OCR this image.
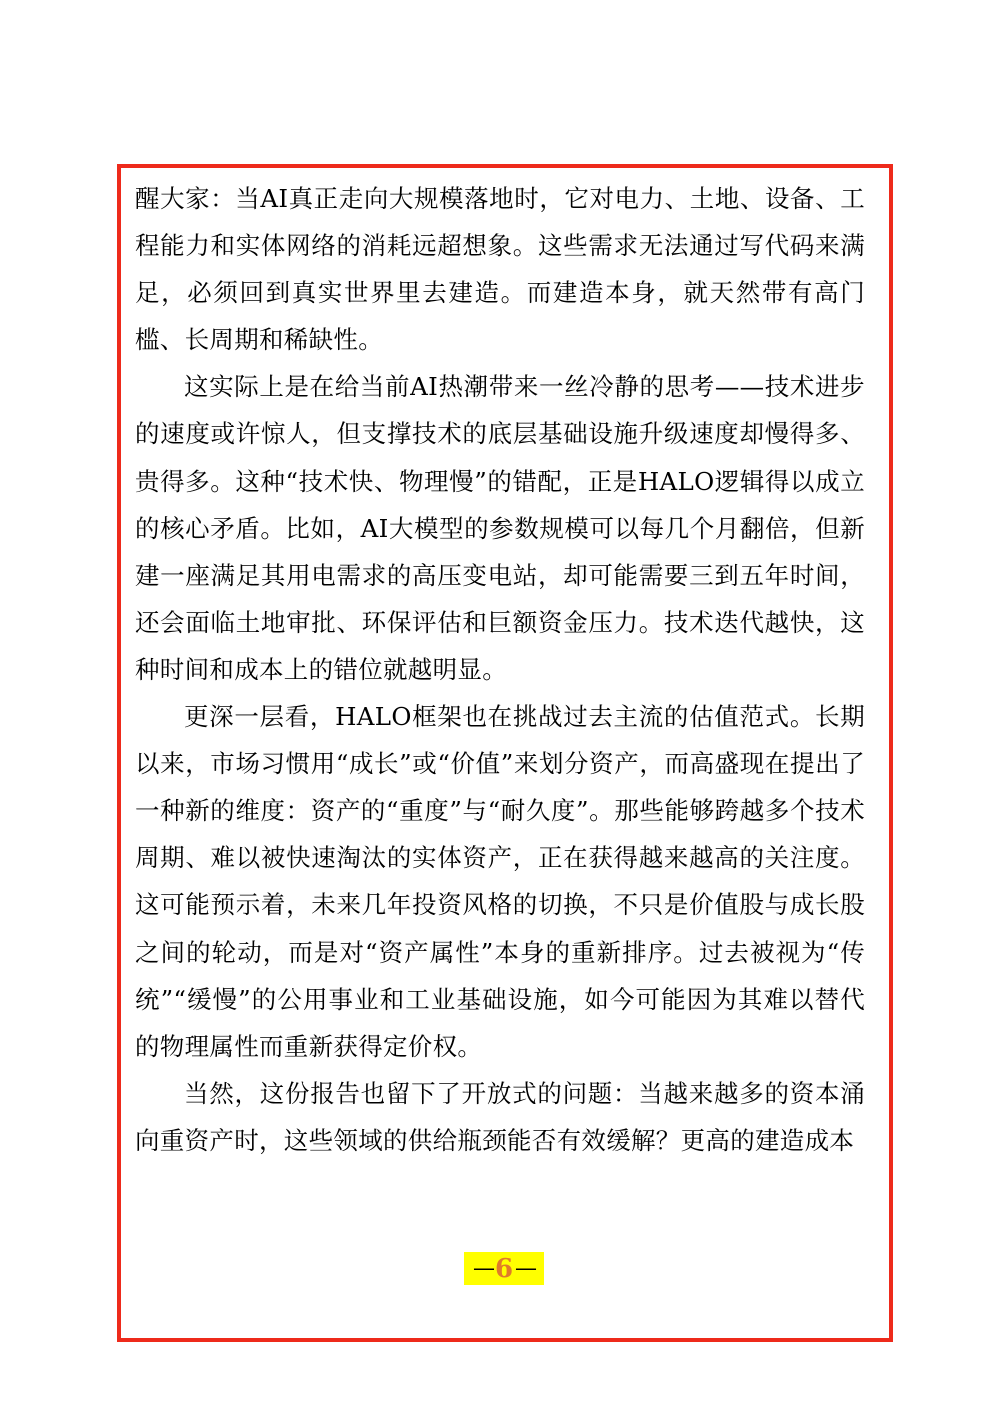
醒大家：当AI真正走向大规模落地时，它对电力、土地、设备、工程能力和实体网络的消耗远超想象。这些需求无法通过写代码来满足，必须回到真实世界里去建造。而建造本身，就天然带有高门槛、长周期和稀缺性。

这实际上是在给当前AI热潮带来一丝冷静的思考——技术进步的速度或许惊人，但支撑技术的底层基础设施升级速度却慢得多、贵得多。这种“技术快、物理慢”的错配，正是HALO逻辑得以成立的核心矛盾。比如，AI大模型的参数规模可以每几个月翻倍，但新建一座满足其用电需求的高压变电站，却可能需要三到五年时间，还会面临土地审批、环保评估和巨额资金压力。技术迭代越快，这种时间和成本上的错位就越明显。

更深一层看，HALO框架也在挑战过去主流的估值范式。长期以来，市场习惯用“成长”或“价值”来划分资产，而高盛现在提出了一种新的维度：资产的“重度”与“耐久度”。那些能够跨越多个技术周期、难以被快速淘汰的实体资产，正在获得越来越高的关注度。这可能预示着，未来几年投资风格的切换，不只是价值股与成长股之间的轮动，而是对“资产属性”本身的重新排序。过去被视为“传统”“缓慢”的公用事业和工业基础设施，如今可能因为其难以替代的物理属性而重新获得定价权。

当然，这份报告也留下了开放式的问题：当越来越多的资本涌向重资产时，这些领域的供给瓶颈能否有效缓解？更高的建造成本

— 6 —
